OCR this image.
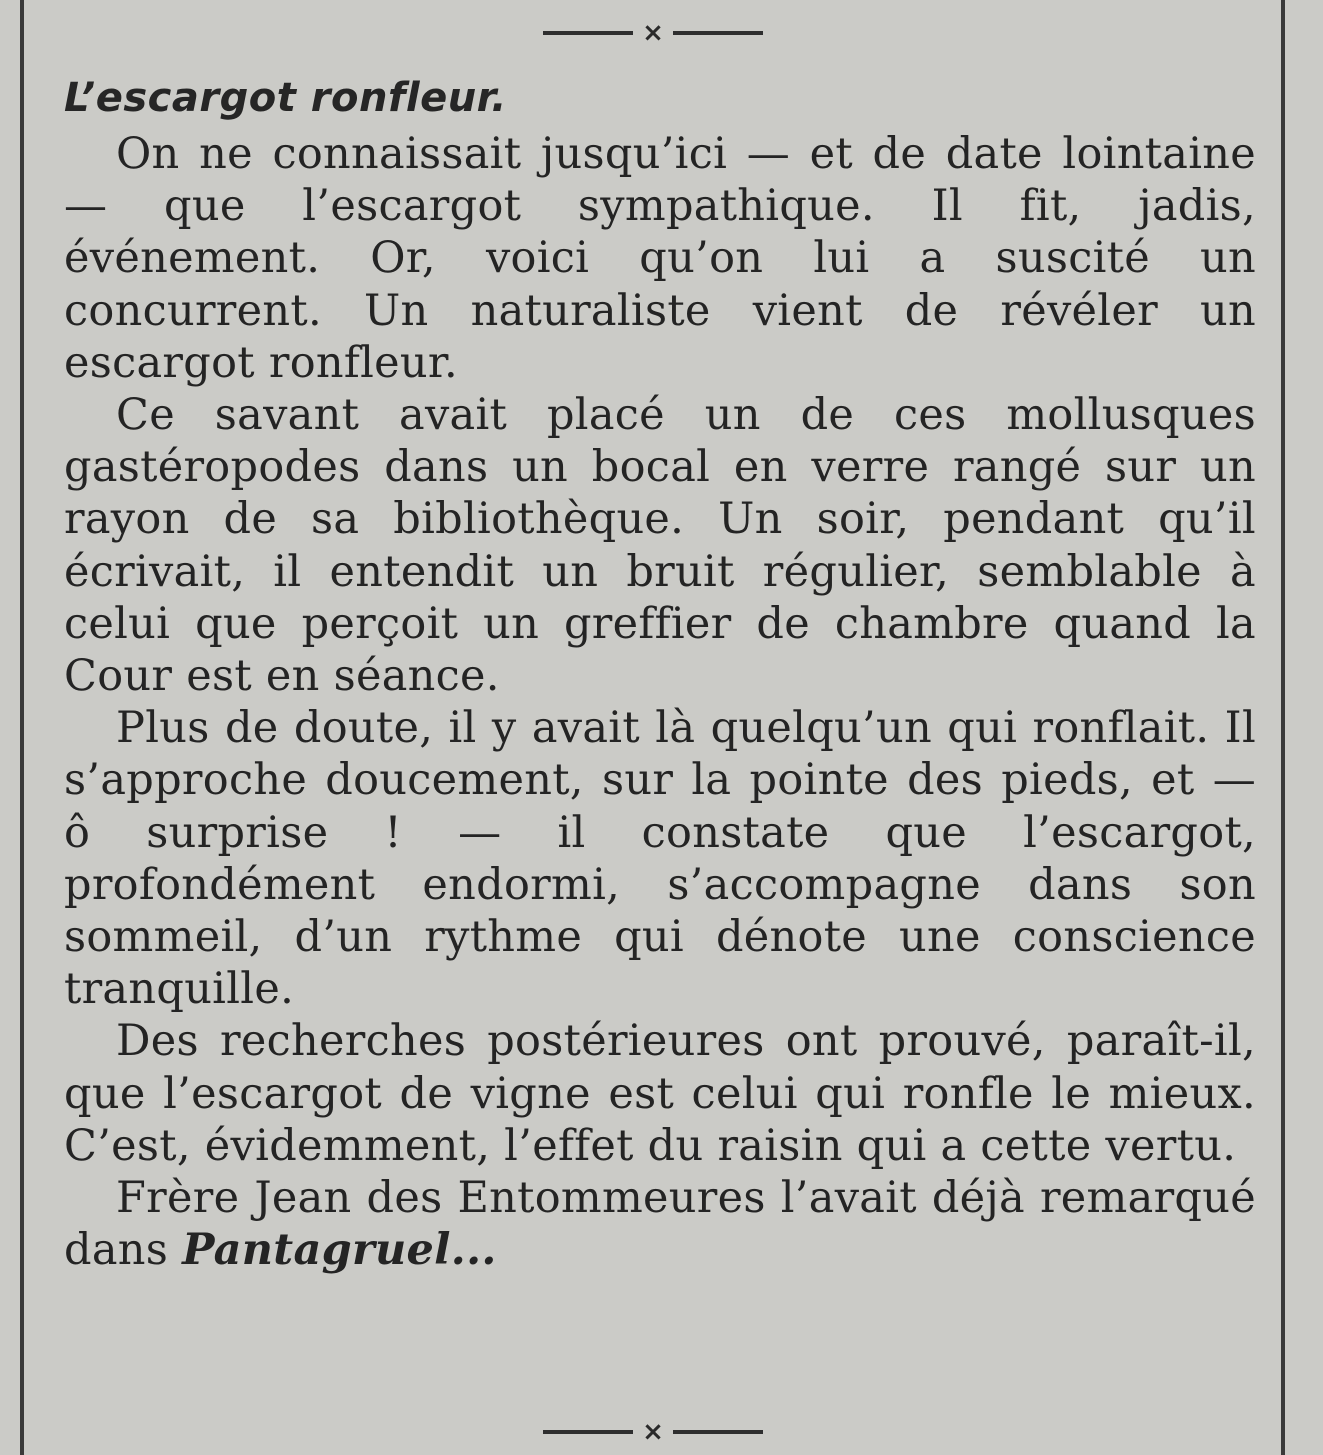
×
L’escargot ronfleur.

On ne connaissait jusqu’ici — et de date lointaine — que l’escargot sympathique. Il fit, jadis, événement. Or, voici qu’on lui a suscité un concurrent. Un naturaliste vient de révéler un escargot ronfleur.

Ce savant avait placé un de ces mollusques gastéropodes dans un bocal en verre rangé sur un rayon de sa bibliothèque. Un soir, pendant qu’il écrivait, il entendit un bruit régulier, semblable à celui que perçoit un greffier de chambre quand la Cour est en séance.

Plus de doute, il y avait là quelqu’un qui ronflait. Il s’approche doucement, sur la pointe des pieds, et — ô surprise ! — il constate que l’escargot, profondément endormi, s’accompagne dans son sommeil, d’un rythme qui dénote une conscience tranquille.

Des recherches postérieures ont prouvé, paraît-il, que l’escargot de vigne est celui qui ronfle le mieux. C’est, évidemment, l’effet du raisin qui a cette vertu.

Frère Jean des Entommeures l’avait déjà remarqué dans Pantagruel...

×
